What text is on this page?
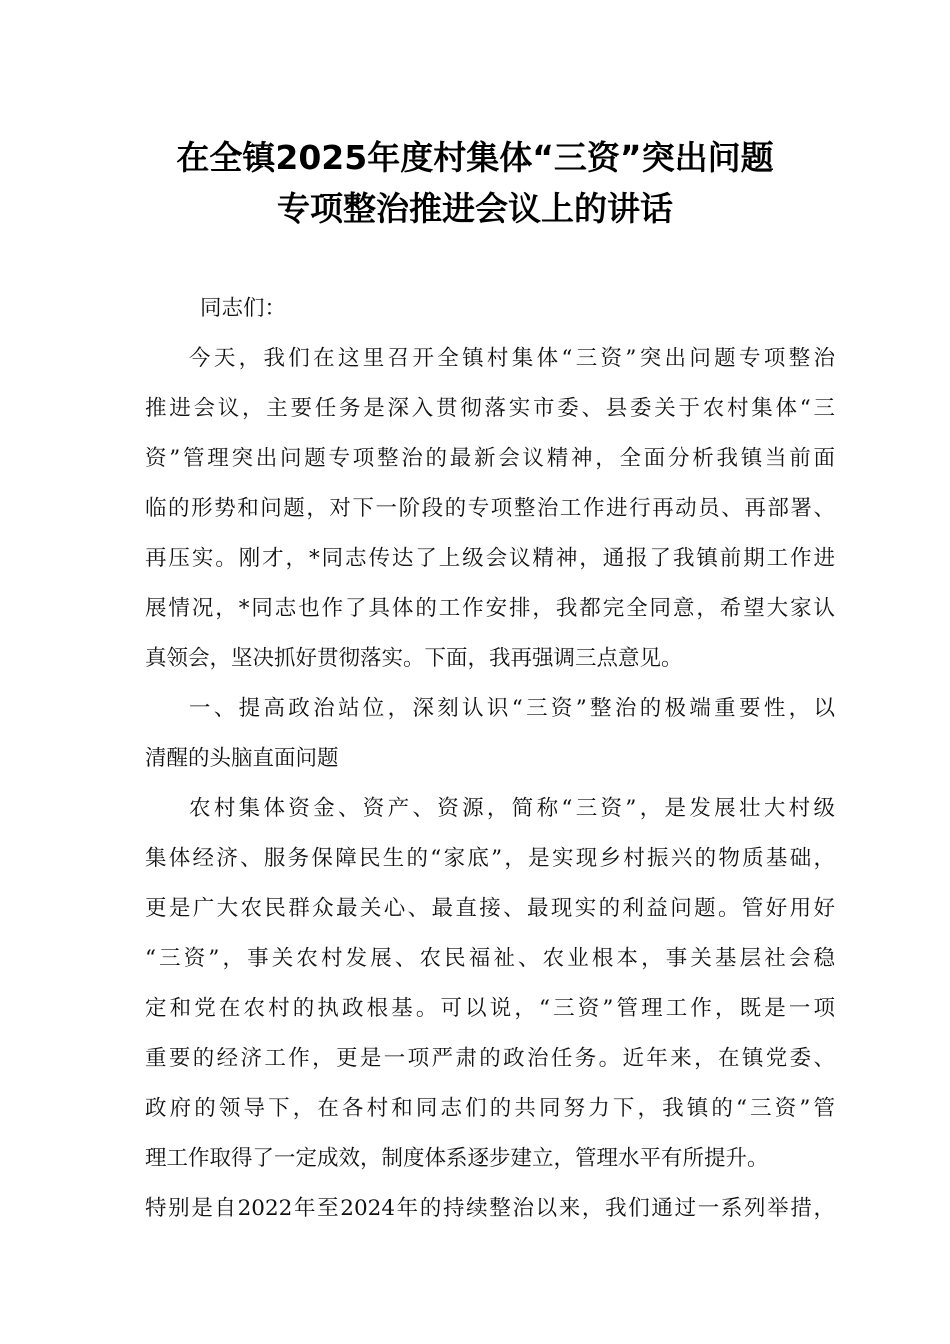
在全镇2025年度村集体“三资”突出问题
专项整治推进会议上的讲话
同志们：
今天，我们在这里召开全镇村集体“三资”突出问题专项整治
推进会议，主要任务是深入贯彻落实市委、县委关于农村集体“三
资”管理突出问题专项整治的最新会议精神，全面分析我镇当前面
临的形势和问题，对下一阶段的专项整治工作进行再动员、再部署、
再压实。刚才，*同志传达了上级会议精神，通报了我镇前期工作进
展情况，*同志也作了具体的工作安排，我都完全同意，希望大家认
真领会，坚决抓好贯彻落实。下面，我再强调三点意见。
一、提高政治站位，深刻认识“三资”整治的极端重要性，以
清醒的头脑直面问题
农村集体资金、资产、资源，简称“三资”，是发展壮大村级
集体经济、服务保障民生的“家底”，是实现乡村振兴的物质基础，
更是广大农民群众最关心、最直接、最现实的利益问题。管好用好
“三资”，事关农村发展、农民福祉、农业根本，事关基层社会稳
定和党在农村的执政根基。可以说，“三资”管理工作，既是一项
重要的经济工作，更是一项严肃的政治任务。近年来，在镇党委、
政府的领导下，在各村和同志们的共同努力下，我镇的“三资”管
理工作取得了一定成效，制度体系逐步建立，管理水平有所提升。
特别是自2022年至2024年的持续整治以来，我们通过一系列举措，
